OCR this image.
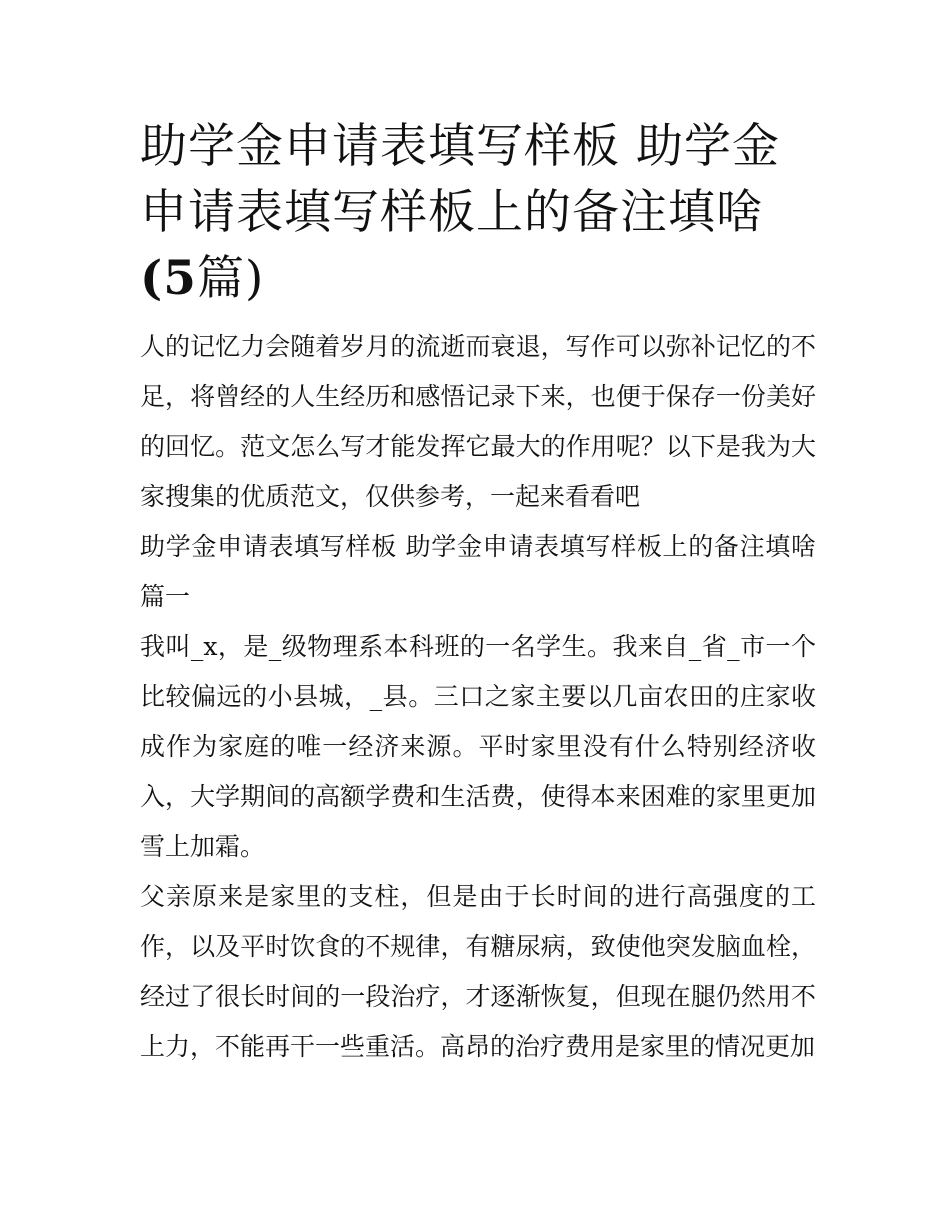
助学金申请表填写样板 助学金申请表填写样板上的备注填啥
(5篇)

人的记忆力会随着岁月的流逝而衰退，写作可以弥补记忆的不足，将曾经的人生经历和感悟记录下来，也便于保存一份美好的回忆。范文怎么写才能发挥它最大的作用呢？以下是我为大家搜集的优质范文，仅供参考，一起来看看吧

助学金申请表填写样板 助学金申请表填写样板上的备注填啥篇一

我叫_x，是_级物理系本科班的一名学生。我来自_省_市一个比较偏远的小县城，_县。三口之家主要以几亩农田的庄家收成作为家庭的唯一经济来源。平时家里没有什么特别经济收入，大学期间的高额学费和生活费，使得本来困难的家里更加雪上加霜。

父亲原来是家里的支柱，但是由于长时间的进行高强度的工作，以及平时饮食的不规律，有糖尿病，致使他突发脑血栓，经过了很长时间的一段治疗，才逐渐恢复，但现在腿仍然用不上力，不能再干一些重活。高昂的治疗费用是家里的情况更加
